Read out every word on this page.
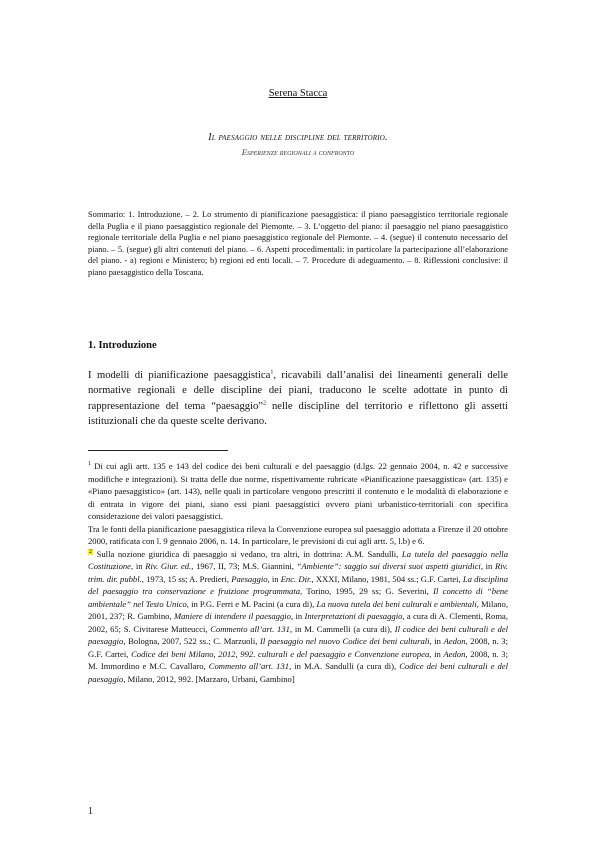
Serena Stacca
Il paesaggio nelle discipline del territorio.
Esperienze regionali a confronto
Sommario: 1. Introduzione. – 2. Lo strumento di pianificazione paesaggistica: il piano paesaggistico territoriale regionale della Puglia e il piano paesaggistico regionale del Piemonte. – 3. L’oggetto del piano: il paesaggio nel piano paesaggistico regionale territoriale della Puglia e nel piano paesaggistico regionale del Piemonte. – 4. (segue) il contenuto necessario del piano. – 5. (segue) gli altri contenuti del piano. – 6. Aspetti procedimentali: in particolare la partecipazione all’elaborazione del piano. - a) regioni e Ministero; b) regioni ed enti locali. – 7. Procedure di adeguamento. – 8. Riflessioni conclusive: il piano paesaggistico della Toscana.
1. Introduzione
I modelli di pianificazione paesaggistica$^1$, ricavabili dall’analisi dei lineamenti generali delle normative regionali e delle discipline dei piani, traducono le scelte adottate in punto di rappresentazione del tema “paesaggio”$^2$ nelle discipline del territorio e riflettono gli assetti istituzionali che da queste scelte derivano.

$^1$ Di cui agli artt. 135 e 143 del codice dei beni culturali e del paesaggio (d.lgs. 22 gennaio 2004, n. 42 e successive modifiche e integrazioni). Si tratta delle due norme, rispettivamente rubricate «Pianificazione paesaggistica» (art. 135) e «Piano paesaggistico» (art. 143), nelle quali in particolare vengono prescritti il contenuto e le modalità di elaborazione e di entrata in vigore dei piani, siano essi piani paesaggistici ovvero piani urbanistico-territoriali con specifica considerazione dei valori paesaggistici.

Tra le fonti della pianificazione paesaggistica rileva la Convenzione europea sul paesaggio adottata a Firenze il 20 ottobre 2000, ratificata con l. 9 gennaio 2006, n. 14. In particolare, le previsioni di cui agli artt. 5, l.b) e 6.

$^2$ Sulla nozione giuridica di paesaggio si vedano, tra altri, in dottrina: A.M. Sandulli, La tutela del paesaggio nella Costituzione, in Riv. Giur. ed., 1967, II, 73; M.S. Giannini, “Ambiente”: saggio sui diversi suoi aspetti giuridici, in Riv. trim. dir. pubbl., 1973, 15 ss; A. Predieri, Paesaggio, in Enc. Dir., XXXI, Milano, 1981, 504 ss.; G.F. Cartei, La disciplina del paesaggio tra conservazione e fruizione programmata, Torino, 1995, 29 ss; G. Severini, Il concetto di “bene ambientale” nel Testo Unico, in P.G. Ferri e M. Pacini (a cura di), La nuova tutela dei beni culturali e ambientali, Milano, 2001, 237; R. Gambino, Maniere di intendere il paesaggio, in Interpretazioni di paesaggio, a cura di A. Clementi, Roma, 2002, 65; S. Civitarese Matteucci, Commento all’art. 131, in M. Cammelli (a cura di), Il codice dei beni culturali e del paesaggio, Bologna, 2007, 522 ss.; C. Marzuoli, Il paesaggio nel nuovo Codice dei beni culturali, in Aedon, 2008, n. 3; G.F. Cartei, Codice dei beni Milano, 2012, 992. culturali e del paesaggio e Convenzione europea, in Aedon, 2008, n. 3; M. Immordino e M.C. Cavallaro, Commento all’art. 131, in M.A. Sandulli (a cura di), Codice dei beni culturali e del paesaggio, Milano, 2012, 992. [Marzaro, Urbani, Gambino]

1
